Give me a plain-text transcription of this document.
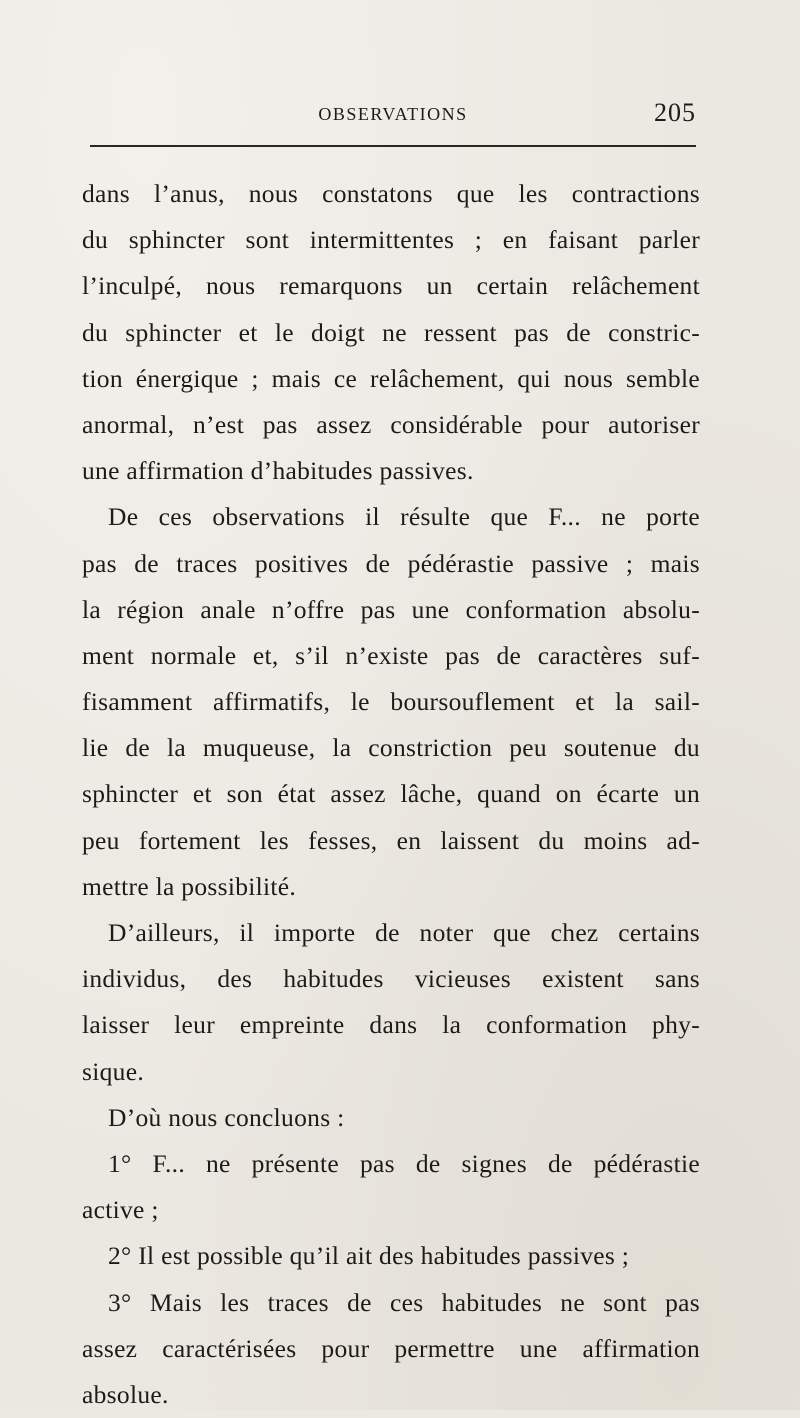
OBSERVATIONS	205
dans l’anus, nous constatons que les contractions
du sphincter sont intermittentes ; en faisant parler
l’inculpé, nous remarquons un certain relâchement
du sphincter et le doigt ne ressent pas de constric-
tion énergique ; mais ce relâchement, qui nous semble
anormal, n’est pas assez considérable pour autoriser
une affirmation d’habitudes passives.
De ces observations il résulte que F... ne porte
pas de traces positives de pédérastie passive ; mais
la région anale n’offre pas une conformation absolu-
ment normale et, s’il n’existe pas de caractères suf-
fisamment affirmatifs, le boursouflement et la sail-
lie de la muqueuse, la constriction peu soutenue du
sphincter et son état assez lâche, quand on écarte un
peu fortement les fesses, en laissent du moins ad-
mettre la possibilité.
D’ailleurs, il importe de noter que chez certains
individus, des habitudes vicieuses existent sans
laisser leur empreinte dans la conformation phy-
sique.
D’où nous concluons :
1° F... ne présente pas de signes de pédérastie
active ;
2° Il est possible qu’il ait des habitudes passives ;
3° Mais les traces de ces habitudes ne sont pas
assez caractérisées pour permettre une affirmation
absolue.
